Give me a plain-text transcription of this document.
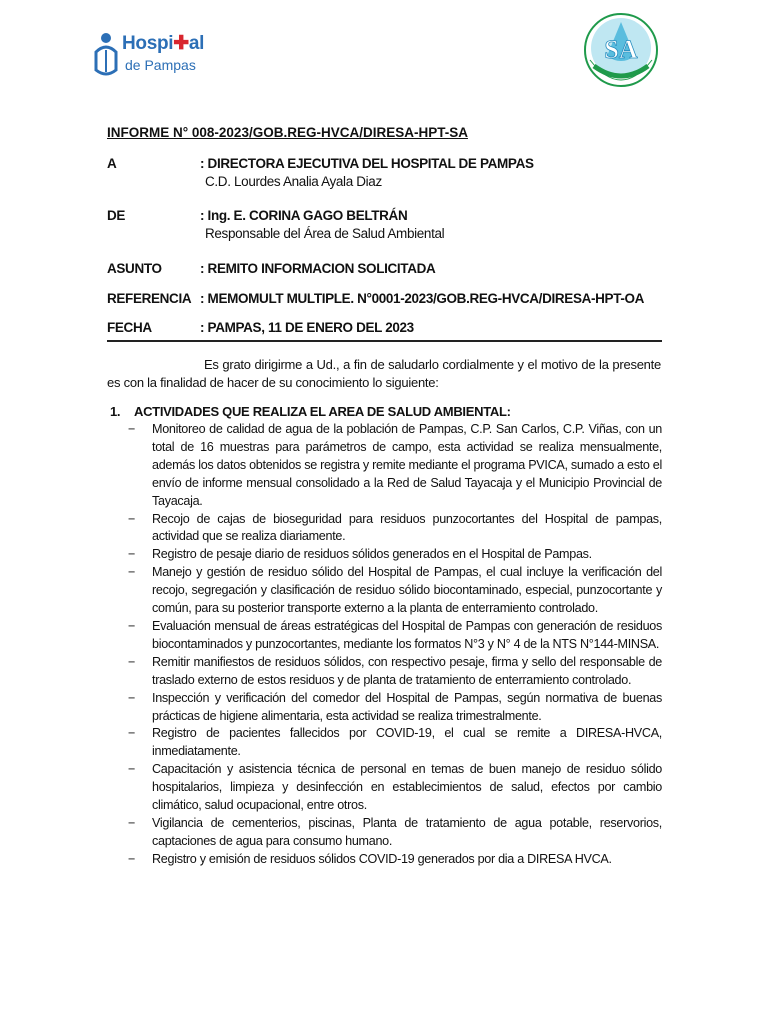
Hospi✚al
de Pampas
SA
INFORME N° 008-2023/GOB.REG-HVCA/DIRESA-HPT-SA
A	: DIRECTORA EJECUTIVA DEL HOSPITAL DE PAMPAS
C.D. Lourdes Analia Ayala Diaz
DE	: Ing. E. CORINA GAGO BELTRÁN
Responsable del Área de Salud Ambiental
ASUNTO	: REMITO INFORMACION SOLICITADA
REFERENCIA : MEMOMULT MULTIPLE. N°0001-2023/GOB.REG-HVCA/DIRESA-HPT-OA
FECHA	: PAMPAS, 11 DE ENERO DEL 2023
Es grato dirigirme a Ud., a fin de saludarlo cordialmente y el motivo de la presente es con la finalidad de hacer de su conocimiento lo siguiente:
1. ACTIVIDADES QUE REALIZA EL AREA DE SALUD AMBIENTAL:
− Monitoreo de calidad de agua de la población de Pampas, C.P. San Carlos, C.P. Viñas, con un total de 16 muestras para parámetros de campo, esta actividad se realiza mensualmente, además los datos obtenidos se registra y remite mediante el programa PVICA, sumado a esto el envío de informe mensual consolidado a la Red de Salud Tayacaja y el Municipio Provincial de Tayacaja.
− Recojo de cajas de bioseguridad para residuos punzocortantes del Hospital de pampas, actividad que se realiza diariamente.
− Registro de pesaje diario de residuos sólidos generados en el Hospital de Pampas.
− Manejo y gestión de residuo sólido del Hospital de Pampas, el cual incluye la verificación del recojo, segregación y clasificación de residuo sólido biocontaminado, especial, punzocortante y común, para su posterior transporte externo a la planta de enterramiento controlado.
− Evaluación mensual de áreas estratégicas del Hospital de Pampas con generación de residuos biocontaminados y punzocortantes, mediante los formatos N°3 y N° 4 de la NTS N°144-MINSA.
− Remitir manifiestos de residuos sólidos, con respectivo pesaje, firma y sello del responsable de traslado externo de estos residuos y de planta de tratamiento de enterramiento controlado.
− Inspección y verificación del comedor del Hospital de Pampas, según normativa de buenas prácticas de higiene alimentaria, esta actividad se realiza trimestralmente.
− Registro de pacientes fallecidos por COVID-19, el cual se remite a DIRESA-HVCA, inmediatamente.
− Capacitación y asistencia técnica de personal en temas de buen manejo de residuo sólido hospitalarios, limpieza y desinfección en establecimientos de salud, efectos por cambio climático, salud ocupacional, entre otros.
− Vigilancia de cementerios, piscinas, Planta de tratamiento de agua potable, reservorios, captaciones de agua para consumo humano.
− Registro y emisión de residuos sólidos COVID-19 generados por dia a DIRESA HVCA.
